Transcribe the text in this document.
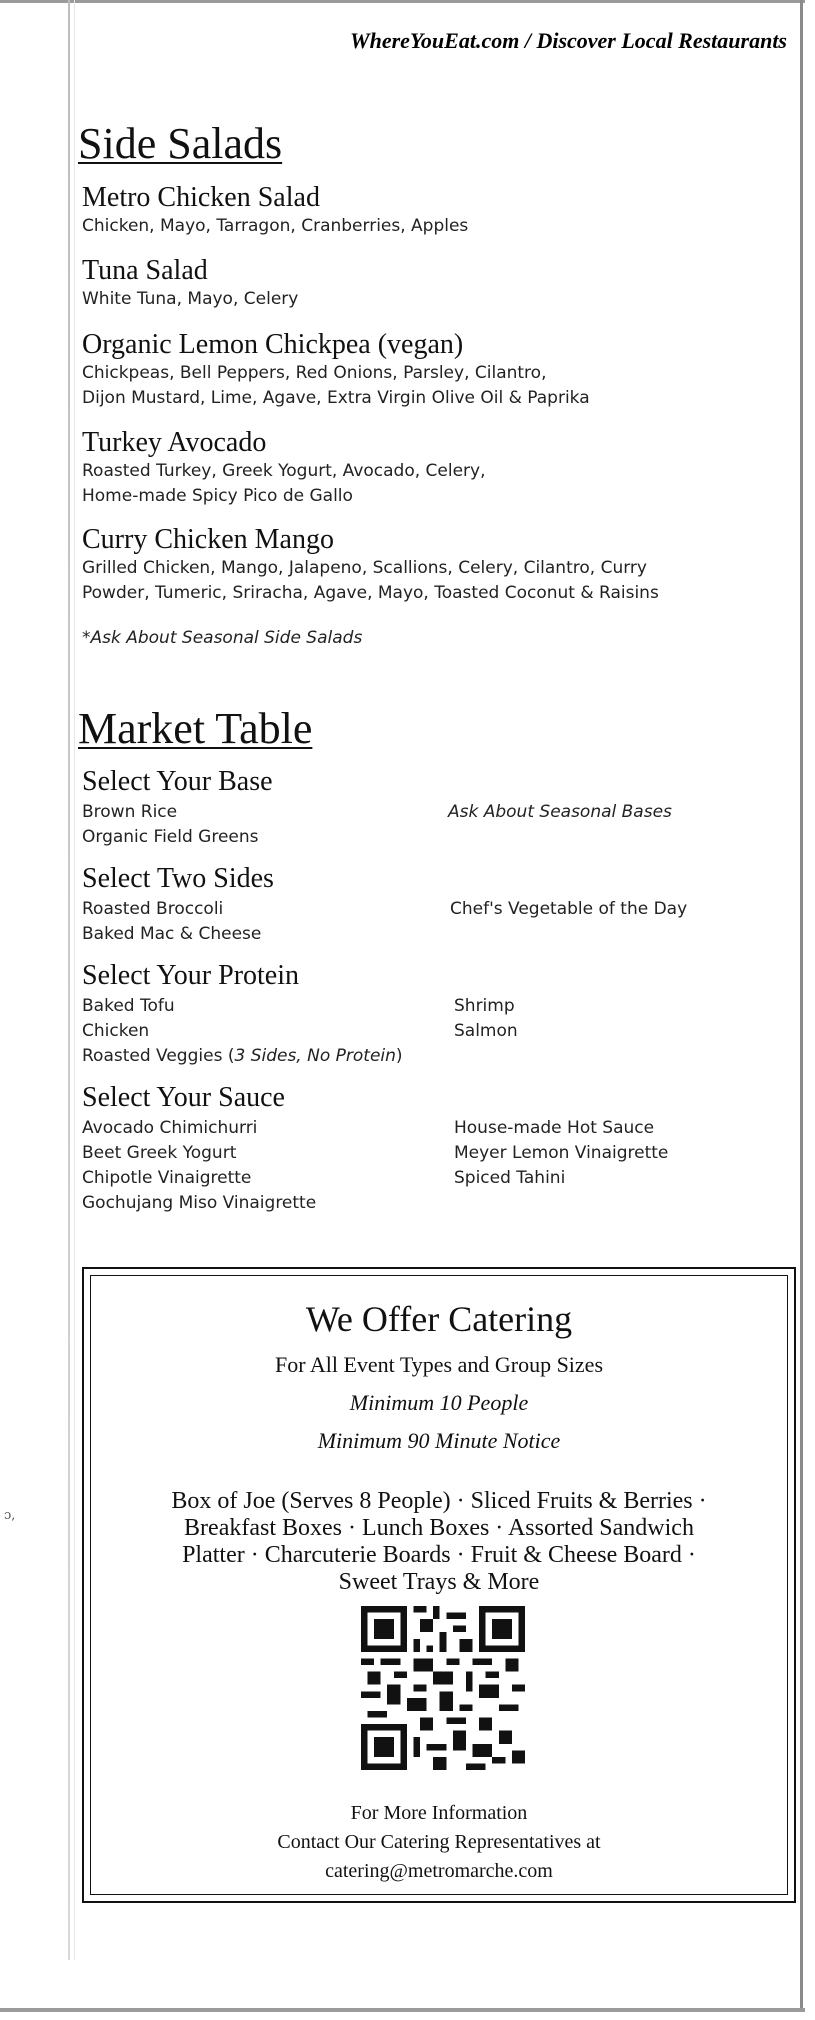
ɔ,
WhereYouEat.com / Discover Local Restaurants
Side Salads
Metro Chicken Salad
Chicken, Mayo, Tarragon, Cranberries, Apples
Tuna Salad
White Tuna, Mayo, Celery
Organic Lemon Chickpea (vegan)
Chickpeas, Bell Peppers, Red Onions, Parsley, Cilantro,
Dijon Mustard, Lime, Agave, Extra Virgin Olive Oil & Paprika
Turkey Avocado
Roasted Turkey, Greek Yogurt, Avocado, Celery,
Home-made Spicy Pico de Gallo
Curry Chicken Mango
Grilled Chicken, Mango, Jalapeno, Scallions, Celery, Cilantro, Curry
Powder, Tumeric, Sriracha, Agave, Mayo, Toasted Coconut & Raisins
*Ask About Seasonal Side Salads
Market Table
Select Your Base
Brown Rice
Organic Field Greens
Ask About Seasonal Bases
Select Two Sides
Roasted Broccoli
Baked Mac & Cheese
Chef's Vegetable of the Day
Select Your Protein
Baked Tofu
Chicken
Roasted Veggies (3 Sides, No Protein)
Shrimp
Salmon
Select Your Sauce
Avocado Chimichurri
Beet Greek Yogurt
Chipotle Vinaigrette
Gochujang Miso Vinaigrette
House-made Hot Sauce
Meyer Lemon Vinaigrette
Spiced Tahini
We Offer Catering
For All Event Types and Group Sizes
Minimum 10 People
Minimum 90 Minute Notice
Box of Joe (Serves 8 People) · Sliced Fruits & Berries · Breakfast Boxes · Lunch Boxes · Assorted Sandwich Platter · Charcuterie Boards · Fruit & Cheese Board · Sweet Trays & More
For More Information
Contact Our Catering Representatives at
catering@metromarche.com
